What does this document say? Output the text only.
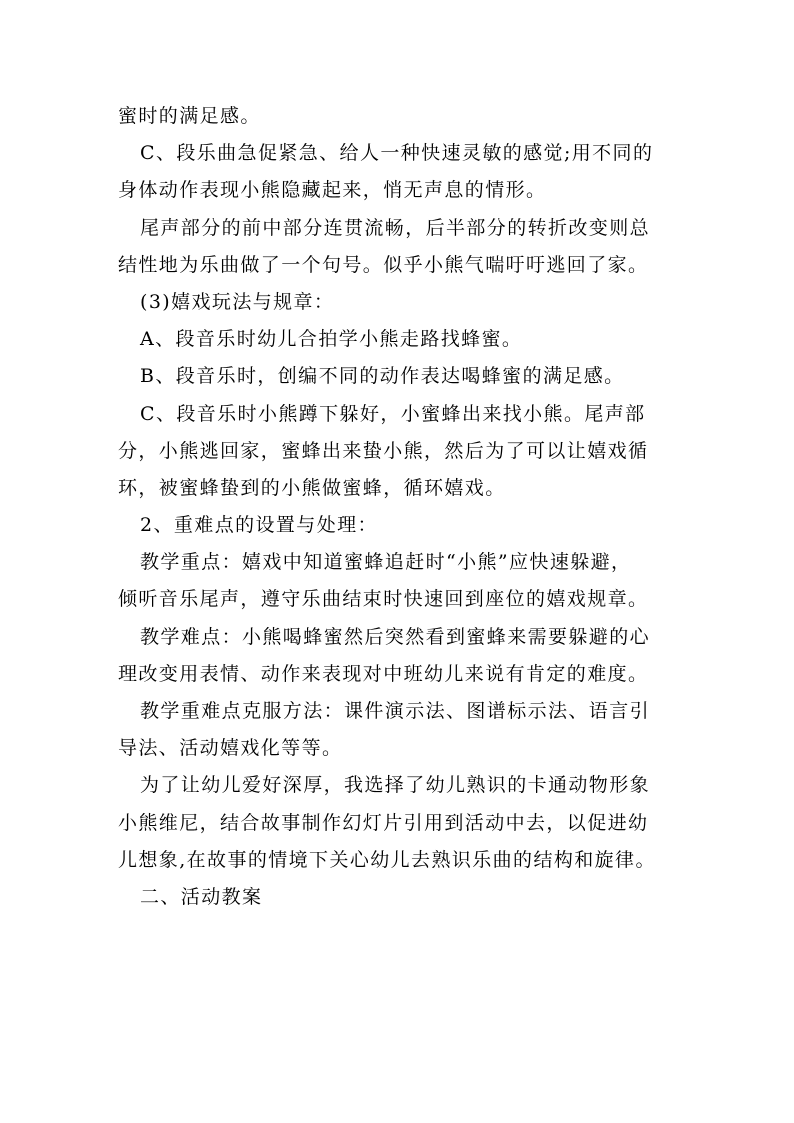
蜜时的满足感。
C、段乐曲急促紧急、给人一种快速灵敏的感觉;用不同的
身体动作表现小熊隐藏起来，悄无声息的情形。
尾声部分的前中部分连贯流畅，后半部分的转折改变则总
结性地为乐曲做了一个句号。似乎小熊气喘吁吁逃回了家。
(3)嬉戏玩法与规章：
A、段音乐时幼儿合拍学小熊走路找蜂蜜。
B、段音乐时，创编不同的动作表达喝蜂蜜的满足感。
C、段音乐时小熊蹲下躲好，小蜜蜂出来找小熊。尾声部
分，小熊逃回家，蜜蜂出来蛰小熊，然后为了可以让嬉戏循
环，被蜜蜂蛰到的小熊做蜜蜂，循环嬉戏。
2、重难点的设置与处理：
教学重点：嬉戏中知道蜜蜂追赶时“小熊”应快速躲避，
倾听音乐尾声，遵守乐曲结束时快速回到座位的嬉戏规章。
教学难点：小熊喝蜂蜜然后突然看到蜜蜂来需要躲避的心
理改变用表情、动作来表现对中班幼儿来说有肯定的难度。
教学重难点克服方法：课件演示法、图谱标示法、语言引
导法、活动嬉戏化等等。
为了让幼儿爱好深厚，我选择了幼儿熟识的卡通动物形象
小熊维尼，结合故事制作幻灯片引用到活动中去，以促进幼
儿想象,在故事的情境下关心幼儿去熟识乐曲的结构和旋律。
二、活动教案
